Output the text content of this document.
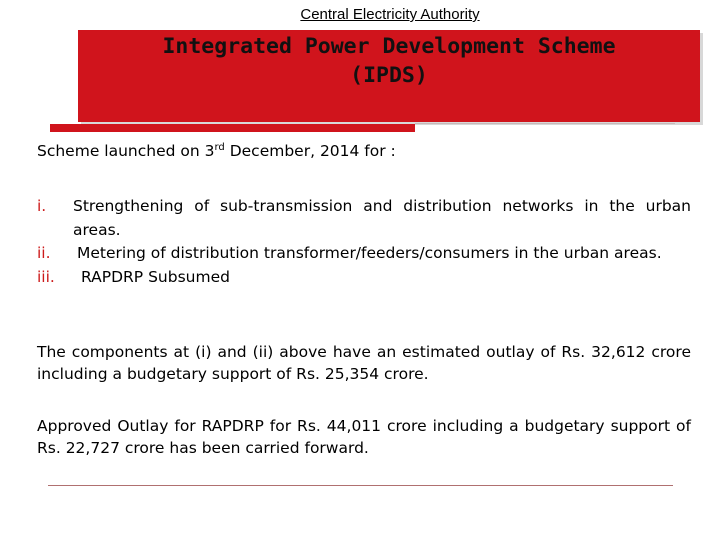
Central Electricity Authority
Integrated Power Development Scheme
(IPDS)
Scheme launched on 3rd December, 2014 for :
i.	Strengthening of sub-transmission and distribution networks in the urban areas.
ii.	Metering of distribution transformer/feeders/consumers in the urban areas.
iii.	RAPDRP Subsumed
The components at (i) and (ii) above have an estimated outlay of Rs. 32,612 crore including a budgetary support of Rs. 25,354 crore.
Approved Outlay for RAPDRP for Rs. 44,011 crore including a budgetary support of Rs. 22,727 crore has been carried forward.
